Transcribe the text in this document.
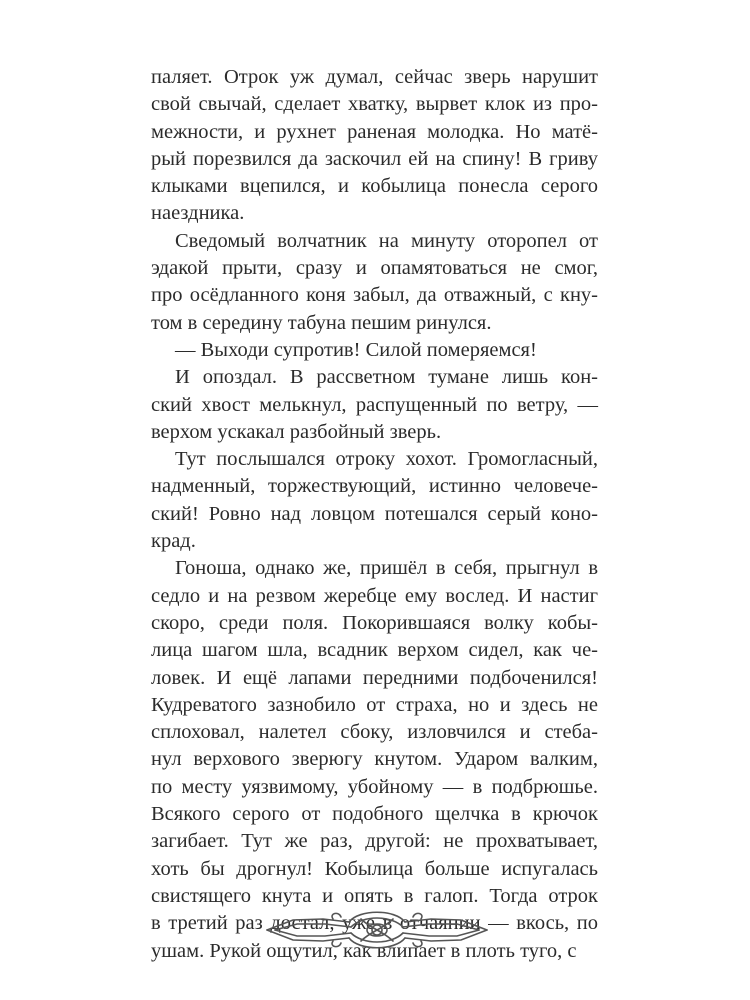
паляет. Отрок уж думал, сейчас зверь нарушит
свой свычай, сделает хватку, вырвет клок из про-
межности, и рухнет раненая молодка. Но матё-
рый порезвился да заскочил ей на спину! В гриву
клыками вцепился, и кобылица понесла серого
наездника.
Сведомый волчатник на минуту оторопел от
эдакой прыти, сразу и опамятоваться не смог,
про осёдланного коня забыл, да отважный, с кну-
том в середину табуна пешим ринулся.
— Выходи супротив! Силой померяемся!
И опоздал. В рассветном тумане лишь кон-
ский хвост мелькнул, распущенный по ветру, —
верхом ускакал разбойный зверь.
Тут послышался отроку хохот. Громогласный,
надменный, торжествующий, истинно человече-
ский! Ровно над ловцом потешался серый коно-
крад.
Гоноша, однако же, пришёл в себя, прыгнул в
седло и на резвом жеребце ему вослед. И настиг
скоро, среди поля. Покорившаяся волку кобы-
лица шагом шла, всадник верхом сидел, как че-
ловек. И ещё лапами передними подбоченился!
Кудреватого зазнобило от страха, но и здесь не
сплоховал, налетел сбоку, изловчился и стеба-
нул верхового зверюгу кнутом. Ударом валким,
по месту уязвимому, убойному — в подбрюшье.
Всякого серого от подобного щелчка в крючок
загибает. Тут же раз, другой: не прохватывает,
хоть бы дрогнул! Кобылица больше испугалась
свистящего кнута и опять в галоп. Тогда отрок
в третий раз достал, уже в отчаянии — вкось, по
ушам. Рукой ощутил, как влипает в плоть туго, с
